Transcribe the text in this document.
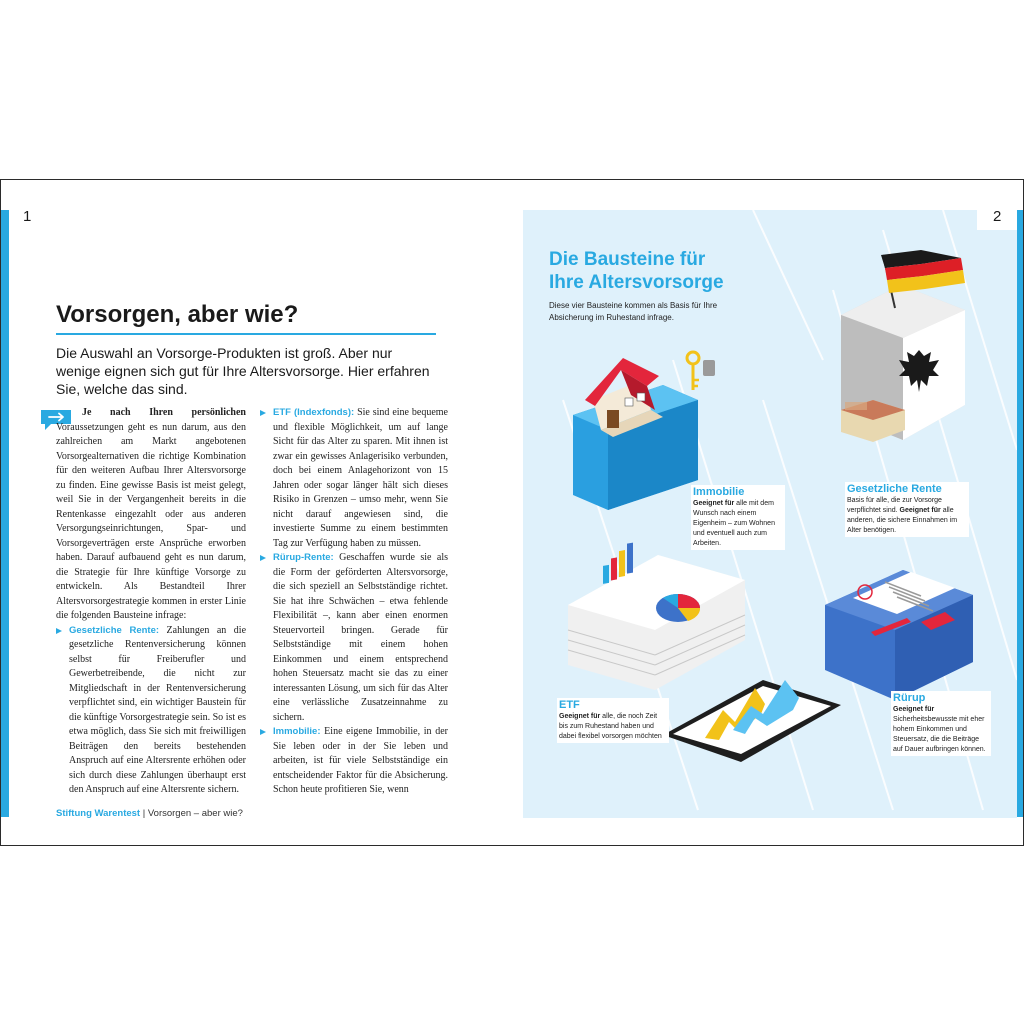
1
Vorsorgen, aber wie?

Die Auswahl an Vorsorge-Produkten ist groß. Aber nur wenige eignen sich gut für Ihre Altersvorsorge. Hier erfahren Sie, welche das sind.

Je nach Ihren persönlichen Voraussetzungen geht es nun darum, aus den zahlreichen am Markt angebotenen Vorsorgealternativen die richtige Kombination für den weiteren Aufbau Ihrer Altersvorsorge zu finden. Eine gewisse Basis ist meist gelegt, weil Sie in der Vergangenheit bereits in die Rentenkasse eingezahlt oder aus anderen Versorgungseinrichtungen, Spar- und Vorsorgeverträgen erste Ansprüche erworben haben. Darauf aufbauend geht es nun darum, die Strategie für Ihre künftige Vorsorge zu entwickeln. Als Bestandteil Ihrer Altersvorsorgestrategie kommen in erster Linie die folgenden Bausteine infrage:

Gesetzliche Rente: Zahlungen an die gesetzliche Rentenversicherung können selbst für Freiberufler und Gewerbetreibende, die nicht zur Mitgliedschaft in der Rentenversicherung verpflichtet sind, ein wichtiger Baustein für die künftige Vorsorgestrategie sein. So ist es etwa möglich, dass Sie sich mit freiwilligen Beiträgen den bereits bestehenden Anspruch auf eine Altersrente erhöhen oder sich durch diese Zahlungen überhaupt erst den Anspruch auf eine Altersrente sichern.

ETF (Indexfonds): Sie sind eine bequeme und flexible Möglichkeit, um auf lange Sicht für das Alter zu sparen. Mit ihnen ist zwar ein gewisses Anlagerisiko verbunden, doch bei einem Anlagehorizont von 15 Jahren oder sogar länger hält sich dieses Risiko in Grenzen – umso mehr, wenn Sie nicht darauf angewiesen sind, die investierte Summe zu einem bestimmten Tag zur Verfügung haben zu müssen.

Rürup-Rente: Geschaffen wurde sie als die Form der geförderten Altersvorsorge, die sich speziell an Selbstständige richtet. Sie hat ihre Schwächen – etwa fehlende Flexibilität –, kann aber einen enormen Steuervorteil bringen. Gerade für Selbstständige mit einem hohen Einkommen und einem entsprechend hohen Steuersatz macht sie das zu einer interessanten Lösung, um sich für das Alter eine verlässliche Zusatzeinnahme zu sichern.

Immobilie: Eine eigene Immobilie, in der Sie leben oder in der Sie leben und arbeiten, ist für viele Selbstständige ein entscheidender Faktor für die Absicherung. Schon heute profitieren Sie, wenn

Stiftung Warentest | Vorsorgen – aber wie?
Die Bausteine für
Ihre Altersvorsorge

Diese vier Bausteine kommen als Basis für Ihre Absicherung im Ruhestand infrage.

Immobilie
Geeignet für alle mit dem Wunsch nach einem Eigenheim – zum Wohnen und eventuell auch zum Arbeiten.
Gesetzliche Rente
Basis für alle, die zur Vorsorge verpflichtet sind. Geeignet für alle anderen, die sichere Einnahmen im Alter benötigen.
ETF
Geeignet für alle, die noch Zeit bis zum Ruhestand haben und dabei flexibel vorsorgen möchten
Rürup
Geeignet für Sicherheitsbewusste mit eher hohem Einkommen und Steuersatz, die die Beiträge auf Dauer aufbringen können.
2
